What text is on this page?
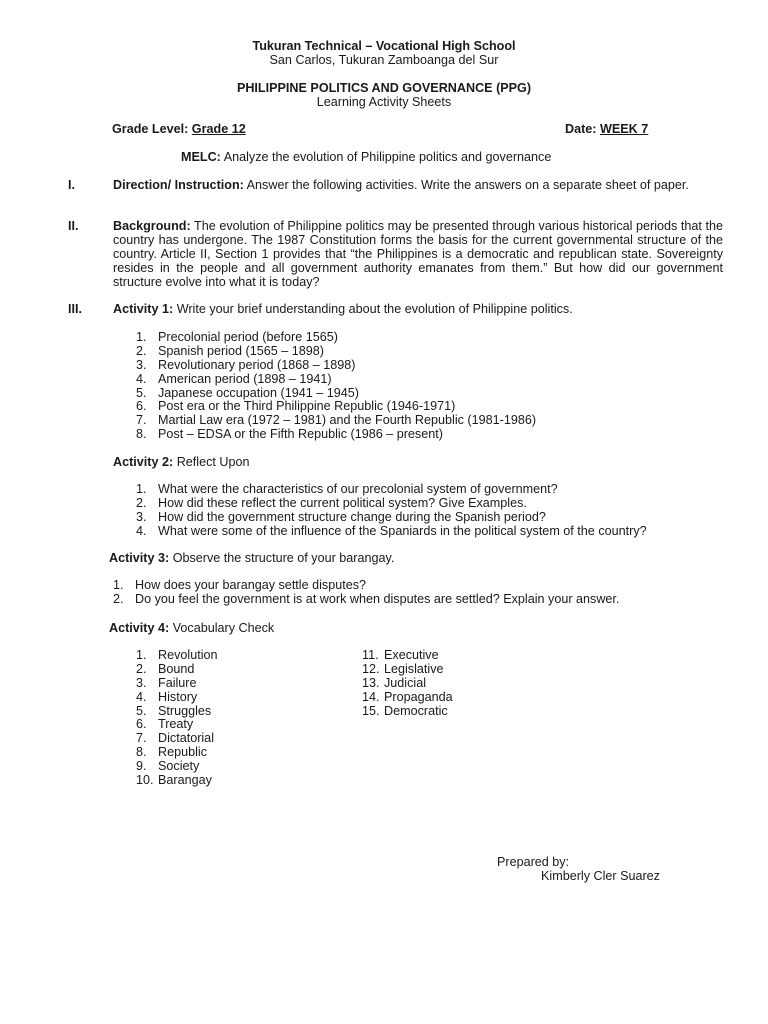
Tukuran Technical – Vocational High School
San Carlos, Tukuran Zamboanga del Sur
PHILIPPINE POLITICS AND GOVERNANCE (PPG)
Learning Activity Sheets
Grade Level: Grade 12	Date: WEEK 7
MELC: Analyze the evolution of Philippine politics and governance
I.	Direction/ Instruction: Answer the following activities. Write the answers on a separate sheet of paper.
II.	Background: The evolution of Philippine politics may be presented through various historical periods that the country has undergone. The 1987 Constitution forms the basis for the current governmental structure of the country. Article II, Section 1 provides that “the Philippines is a democratic and republican state. Sovereignty resides in the people and all government authority emanates from them.” But how did our government structure evolve into what it is today?
III. Activity 1: Write your brief understanding about the evolution of Philippine politics.
1. Precolonial period (before 1565)
2. Spanish period (1565 – 1898)
3. Revolutionary period (1868 – 1898)
4. American period (1898 – 1941)
5. Japanese occupation (1941 – 1945)
6. Post era or the Third Philippine Republic (1946-1971)
7. Martial Law era (1972 – 1981) and the Fourth Republic (1981-1986)
8. Post – EDSA or the Fifth Republic (1986 – present)
Activity 2: Reflect Upon
1. What were the characteristics of our precolonial system of government?
2. How did these reflect the current political system? Give Examples.
3. How did the government structure change during the Spanish period?
4. What were some of the influence of the Spaniards in the political system of the country?
Activity 3: Observe the structure of your barangay.
1. How does your barangay settle disputes?
2. Do you feel the government is at work when disputes are settled? Explain your answer.
Activity 4: Vocabulary Check
1. Revolution
2. Bound
3. Failure
4. History
5. Struggles
6. Treaty
7. Dictatorial
8. Republic
9. Society
10. Barangay
11. Executive
12. Legislative
13. Judicial
14. Propaganda
15. Democratic
Prepared by:
Kimberly Cler Suarez
